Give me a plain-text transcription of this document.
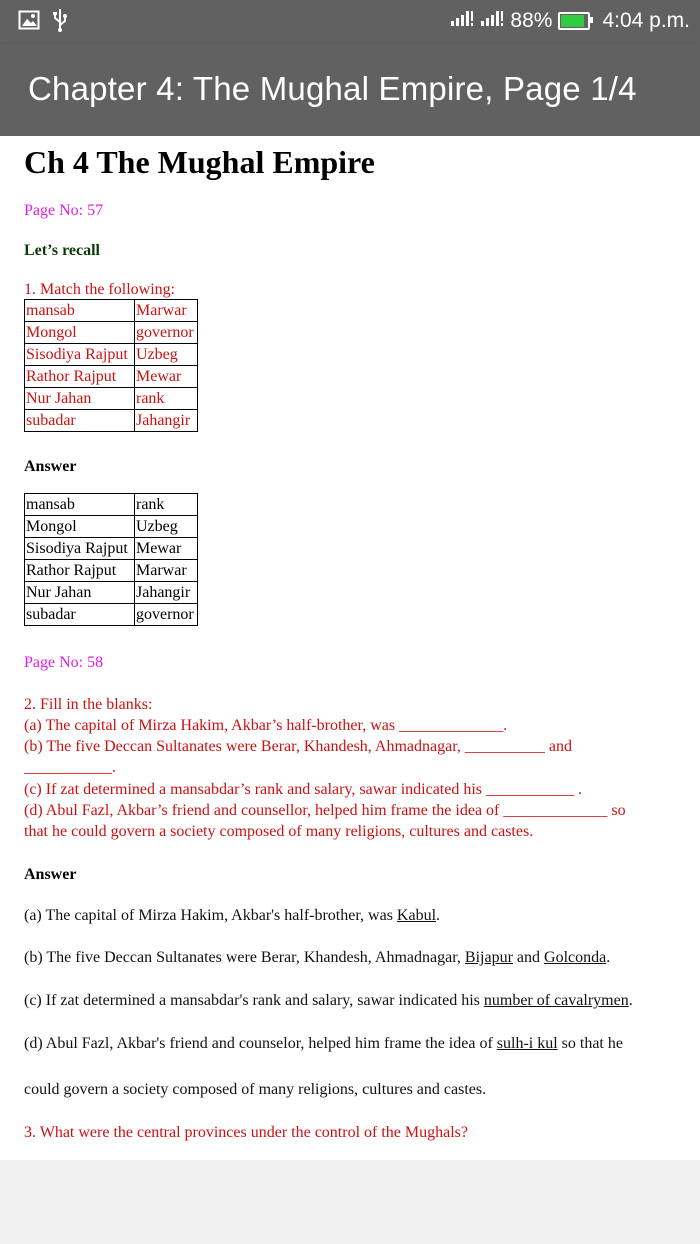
88% 4:04 p.m.
Chapter 4: The Mughal Empire, Page 1/4
Ch 4 The Mughal Empire
Page No: 57
Let’s recall
1. Match the following:
mansab	Marwar
Mongol	governor
Sisodiya Rajput	Uzbeg
Rathor Rajput	Mewar
Nur Jahan	rank
subadar	Jahangir
Answer
mansab	rank
Mongol	Uzbeg
Sisodiya Rajput	Mewar
Rathor Rajput	Marwar
Nur Jahan	Jahangir
subadar	governor
Page No: 58
2. Fill in the blanks:
(a) The capital of Mirza Hakim, Akbar’s half-brother, was _____________.
(b) The five Deccan Sultanates were Berar, Khandesh, Ahmadnagar, __________ and
___________.
(c) If zat determined a mansabdar’s rank and salary, sawar indicated his ___________ .
(d) Abul Fazl, Akbar’s friend and counsellor, helped him frame the idea of _____________ so
that he could govern a society composed of many religions, cultures and castes.
Answer
(a) The capital of Mirza Hakim, Akbar's half-brother, was Kabul.
(b) The five Deccan Sultanates were Berar, Khandesh, Ahmadnagar, Bijapur and Golconda.
(c) If zat determined a mansabdar's rank and salary, sawar indicated his number of cavalrymen.
(d) Abul Fazl, Akbar's friend and counselor, helped him frame the idea of sulh-i kul so that he
could govern a society composed of many religions, cultures and castes.
3. What were the central provinces under the control of the Mughals?
